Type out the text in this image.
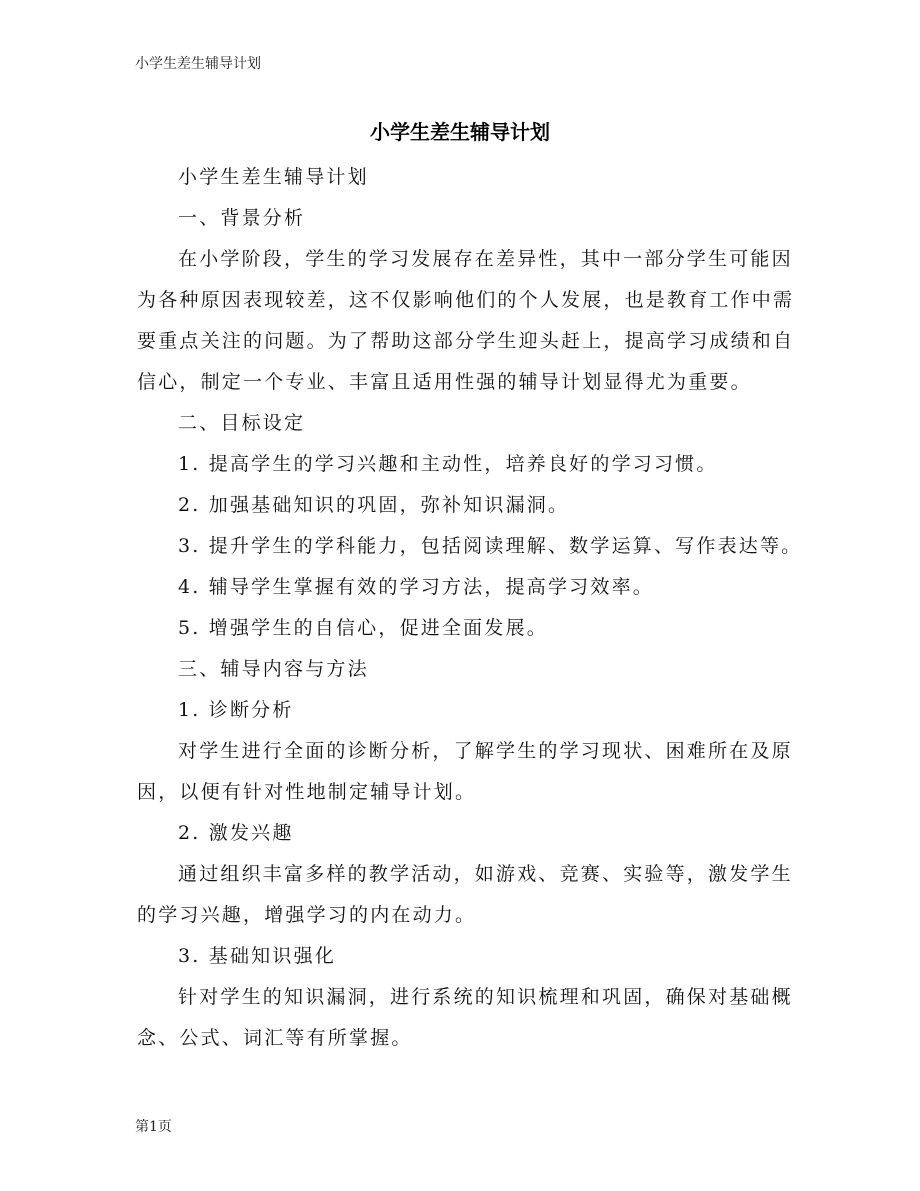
小学生差生辅导计划
小学生差生辅导计划
小学生差生辅导计划
一、背景分析
在小学阶段，学生的学习发展存在差异性，其中一部分学生可能因
为各种原因表现较差，这不仅影响他们的个人发展，也是教育工作中需
要重点关注的问题。为了帮助这部分学生迎头赶上，提高学习成绩和自
信心，制定一个专业、丰富且适用性强的辅导计划显得尤为重要。
二、目标设定
1. 提高学生的学习兴趣和主动性，培养良好的学习习惯。
2. 加强基础知识的巩固，弥补知识漏洞。
3. 提升学生的学科能力，包括阅读理解、数学运算、写作表达等。
4. 辅导学生掌握有效的学习方法，提高学习效率。
5. 增强学生的自信心，促进全面发展。
三、辅导内容与方法
1. 诊断分析
对学生进行全面的诊断分析，了解学生的学习现状、困难所在及原
因，以便有针对性地制定辅导计划。
2. 激发兴趣
通过组织丰富多样的教学活动，如游戏、竞赛、实验等，激发学生
的学习兴趣，增强学习的内在动力。
3. 基础知识强化
针对学生的知识漏洞，进行系统的知识梳理和巩固，确保对基础概
念、公式、词汇等有所掌握。
第1页
